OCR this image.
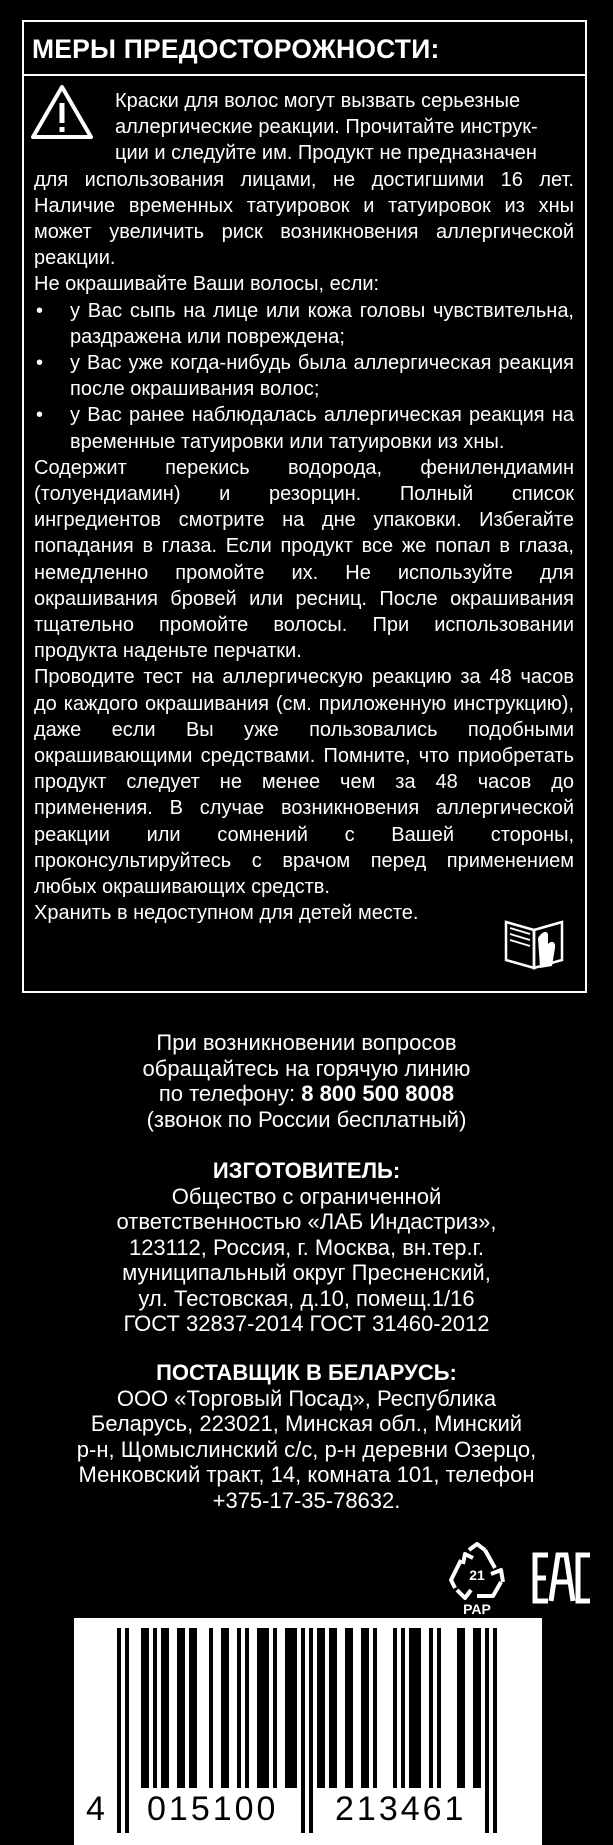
МЕРЫ ПРЕДОСТОРОЖНОСТИ:

Краски для волос могут вызвать серьезные

аллергические реакции. Прочитайте инструк-

ции и следуйте им. Продукт не предназначен

для использования лицами, не достигшими 16 лет. Наличие временных татуировок и татуировок из хны может увеличить риск возникновения аллергической реакции.

Не окрашивайте Ваши волосы, если:

• у Вас сыпь на лице или кожа головы чувствительна, раздражена или повреждена;
• у Вас уже когда-нибудь была аллергическая реакция после окрашивания волос;
• у Вас ранее наблюдалась аллергическая реакция на временные татуировки или татуировки из хны.

Содержит перекись водорода, фенилендиамин (толуендиамин) и резорцин. Полный список ингредиентов смотрите на дне упаковки. Избегайте попадания в глаза. Если продукт все же попал в глаза, немедленно промойте их. Не используйте для окрашивания бровей или ресниц. После окрашивания тщательно промойте волосы. При использовании продукта наденьте перчатки.

Проводите тест на аллергическую реакцию за 48 часов до каждого окрашивания (см. приложенную инструкцию), даже если Вы уже пользовались подобными окрашивающими средствами. Помните, что приобретать продукт следует не менее чем за 48 часов до применения. В случае возникновения аллергической реакции или сомнений с Вашей стороны, проконсультируйтесь с врачом перед применением любых окрашивающих средств.

Хранить в недоступном для детей месте.

При возникновении вопросов
обращайтесь на горячую линию
по телефону: 8 800 500 8008
(звонок по России бесплатный)
ИЗГОТОВИТЕЛЬ:
Общество с ограниченной
ответственностью «ЛАБ Индастриз»,
123112, Россия, г. Москва, вн.тер.г.
муниципальный округ Пресненский,
ул. Тестовская, д.10, помещ.1/16
ГОСТ 32837-2014 ГОСТ 31460-2012
ПОСТАВЩИК В БЕЛАРУСЬ:
ООО «Торговый Посад», Республика
Беларусь, 223021, Минская обл., Минский
р-н, Щомыслинский с/с, р-н деревни Озерцо,
Менковский тракт, 14, комната 101, телефон
+375-17-35-78632.
21
PAP
4 015100 213461
